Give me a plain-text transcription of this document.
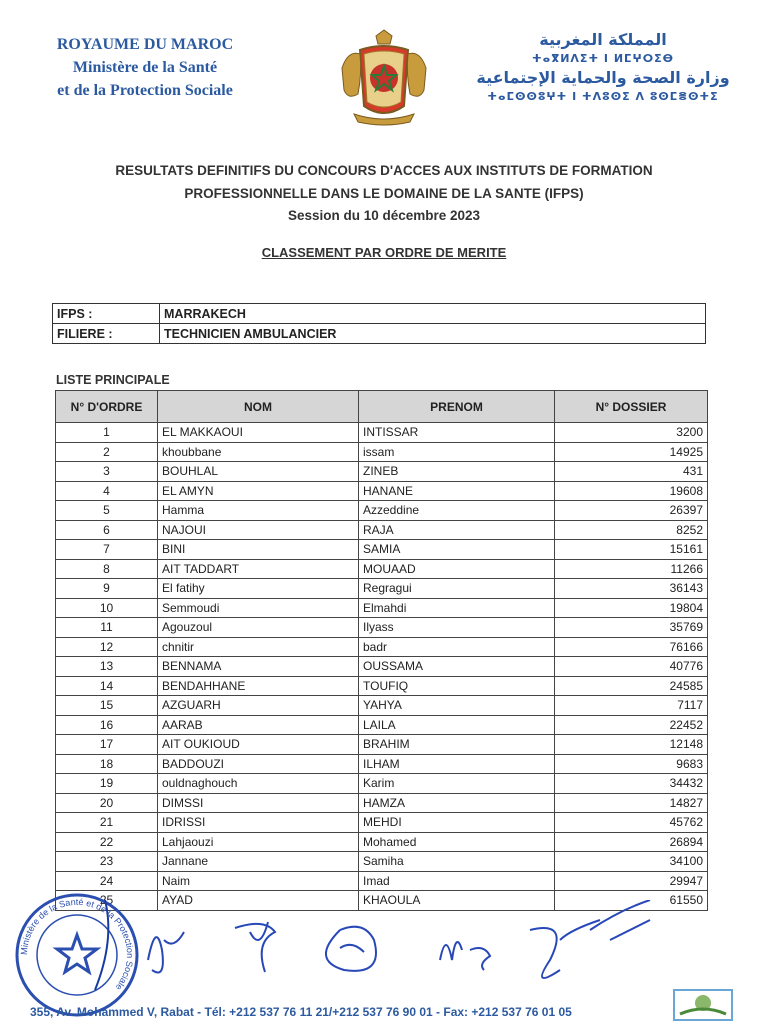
ROYAUME DU MAROC
Ministère de la Santé
et de la Protection Sociale
المملكة المغربية
ⵜⴰⴳⵍⴷⵉⵜ ⵏ ⵍⵎⵖⵔⵉⴱ
وزارة الصحة والحماية الإجتماعية
ⵜⴰⵎⵙⵙⵓⵖⵜ ⵏ ⵜⴷⵓⵙⵉ ⴷ ⵓⵙⵎⴻⵙⵜⵉ
RESULTATS DEFINITIFS DU CONCOURS D'ACCES AUX INSTITUTS DE FORMATION
PROFESSIONNELLE DANS LE DOMAINE DE LA SANTE (IFPS)
Session du 10 décembre 2023
CLASSEMENT PAR ORDRE DE MERITE
IFPS :	MARRAKECH
FILIERE :	TECHNICIEN AMBULANCIER
LISTE PRINCIPALE
N° D'ORDRE	NOM	PRENOM	N° DOSSIER
1	EL MAKKAOUI	INTISSAR	3200
2	khoubbane	issam	14925
3	BOUHLAL	ZINEB	431
4	EL AMYN	HANANE	19608
5	Hamma	Azzeddine	26397
6	NAJOUI	RAJA	8252
7	BINI	SAMIA	15161
8	AIT TADDART	MOUAAD	11266
9	El fatihy	Regragui	36143
10	Semmoudi	Elmahdi	19804
11	Agouzoul	Ilyass	35769
12	chnitir	badr	76166
13	BENNAMA	OUSSAMA	40776
14	BENDAHHANE	TOUFIQ	24585
15	AZGUARH	YAHYA	7117
16	AARAB	LAILA	22452
17	AIT OUKIOUD	BRAHIM	12148
18	BADDOUZI	ILHAM	9683
19	ouldnaghouch	Karim	34432
20	DIMSSI	HAMZA	14827
21	IDRISSI	MEHDI	45762
22	Lahjaouzi	Mohamed	26894
23	Jannane	Samiha	34100
24	Naim	Imad	29947
25	AYAD	KHAOULA	61550
Ministère de la Santé et de la Protection Sociale
355, Av. Mohammed V, Rabat - Tél: +212 537 76 11 21/+212 537 76 90 01 - Fax: +212 537 76 01 05
